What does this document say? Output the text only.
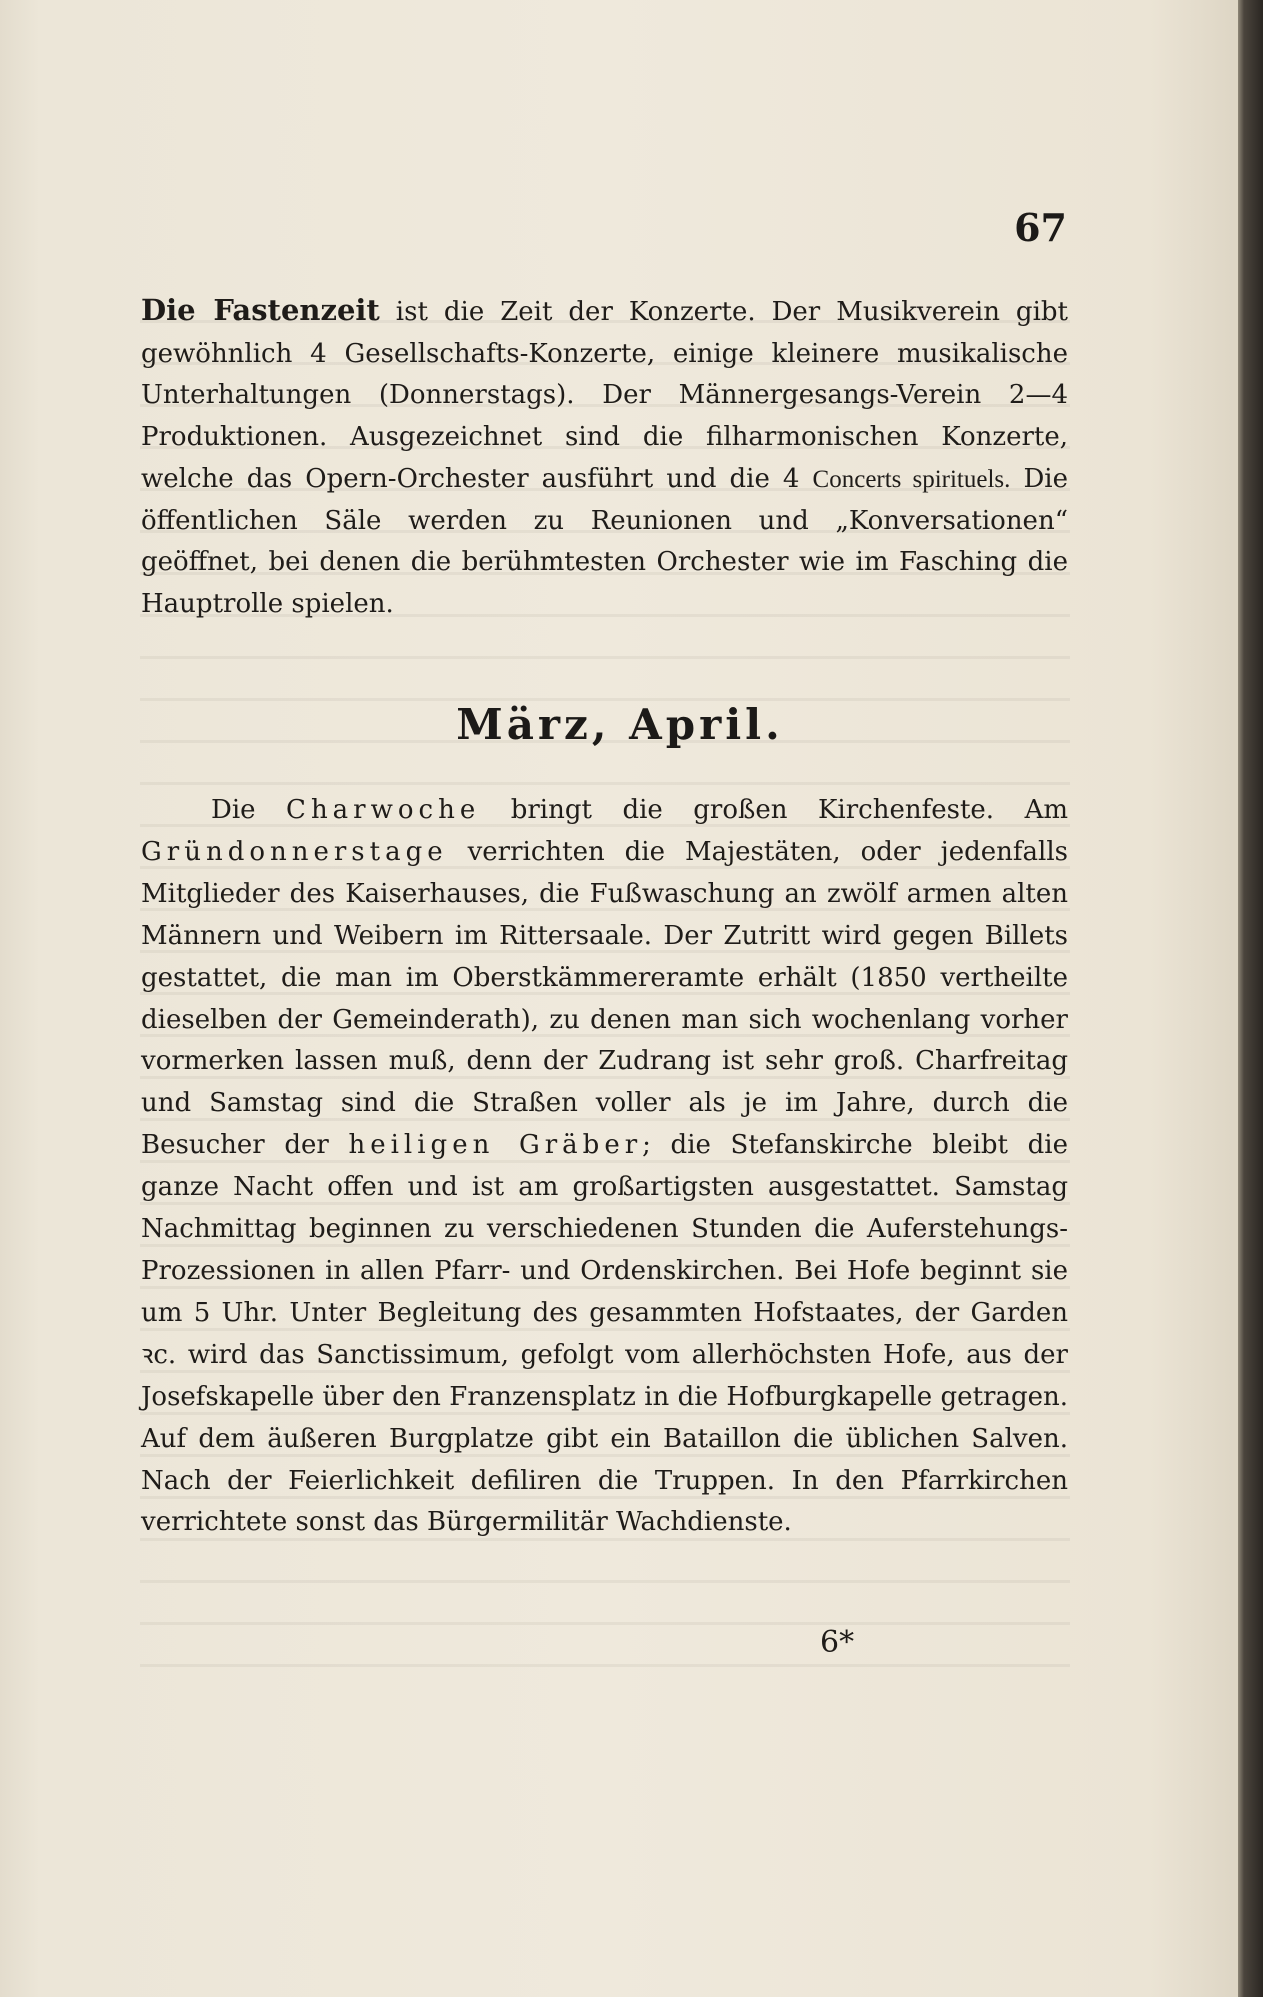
67

Die Fastenzeit ist die Zeit der Konzerte. Der Musikverein gibt gewöhnlich 4 Gesellschafts-Konzerte, einige kleinere musikalische Unterhaltungen (Donnerstags). Der Männergesangs-Verein 2—4 Produktionen. Ausgezeichnet sind die filharmonischen Konzerte, welche das Opern-Orchester ausführt und die 4 Concerts spirituels. Die öffentlichen Säle werden zu Reunionen und „Konversationen“ geöffnet, bei denen die berühmtesten Orchester wie im Fasching die Hauptrolle spielen.

März, April.

Die Charwoche bringt die großen Kirchenfeste. Am Gründonnerstage verrichten die Majestäten, oder jedenfalls Mitglieder des Kaiserhauses, die Fußwaschung an zwölf armen alten Männern und Weibern im Rittersaale. Der Zutritt wird gegen Billets gestattet, die man im Oberstkämmereramte erhält (1850 vertheilte dieselben der Gemeinderath), zu denen man sich wochenlang vorher vormerken lassen muß, denn der Zudrang ist sehr groß. Charfreitag und Samstag sind die Straßen voller als je im Jahre, durch die Besucher der heiligen Gräber; die Stefanskirche bleibt die ganze Nacht offen und ist am großartigsten ausgestattet. Samstag Nachmittag beginnen zu verschiedenen Stunden die Auferstehungs-Prozessionen in allen Pfarr- und Ordenskirchen. Bei Hofe beginnt sie um 5 Uhr. Unter Begleitung des gesammten Hofstaates, der Garden ꝛc. wird das Sanctissimum, gefolgt vom allerhöchsten Hofe, aus der Josefskapelle über den Franzensplatz in die Hofburgkapelle getragen. Auf dem äußeren Burgplatze gibt ein Bataillon die üblichen Salven. Nach der Feierlichkeit defiliren die Truppen. In den Pfarrkirchen verrichtete sonst das Bürgermilitär Wachdienste.

6*
